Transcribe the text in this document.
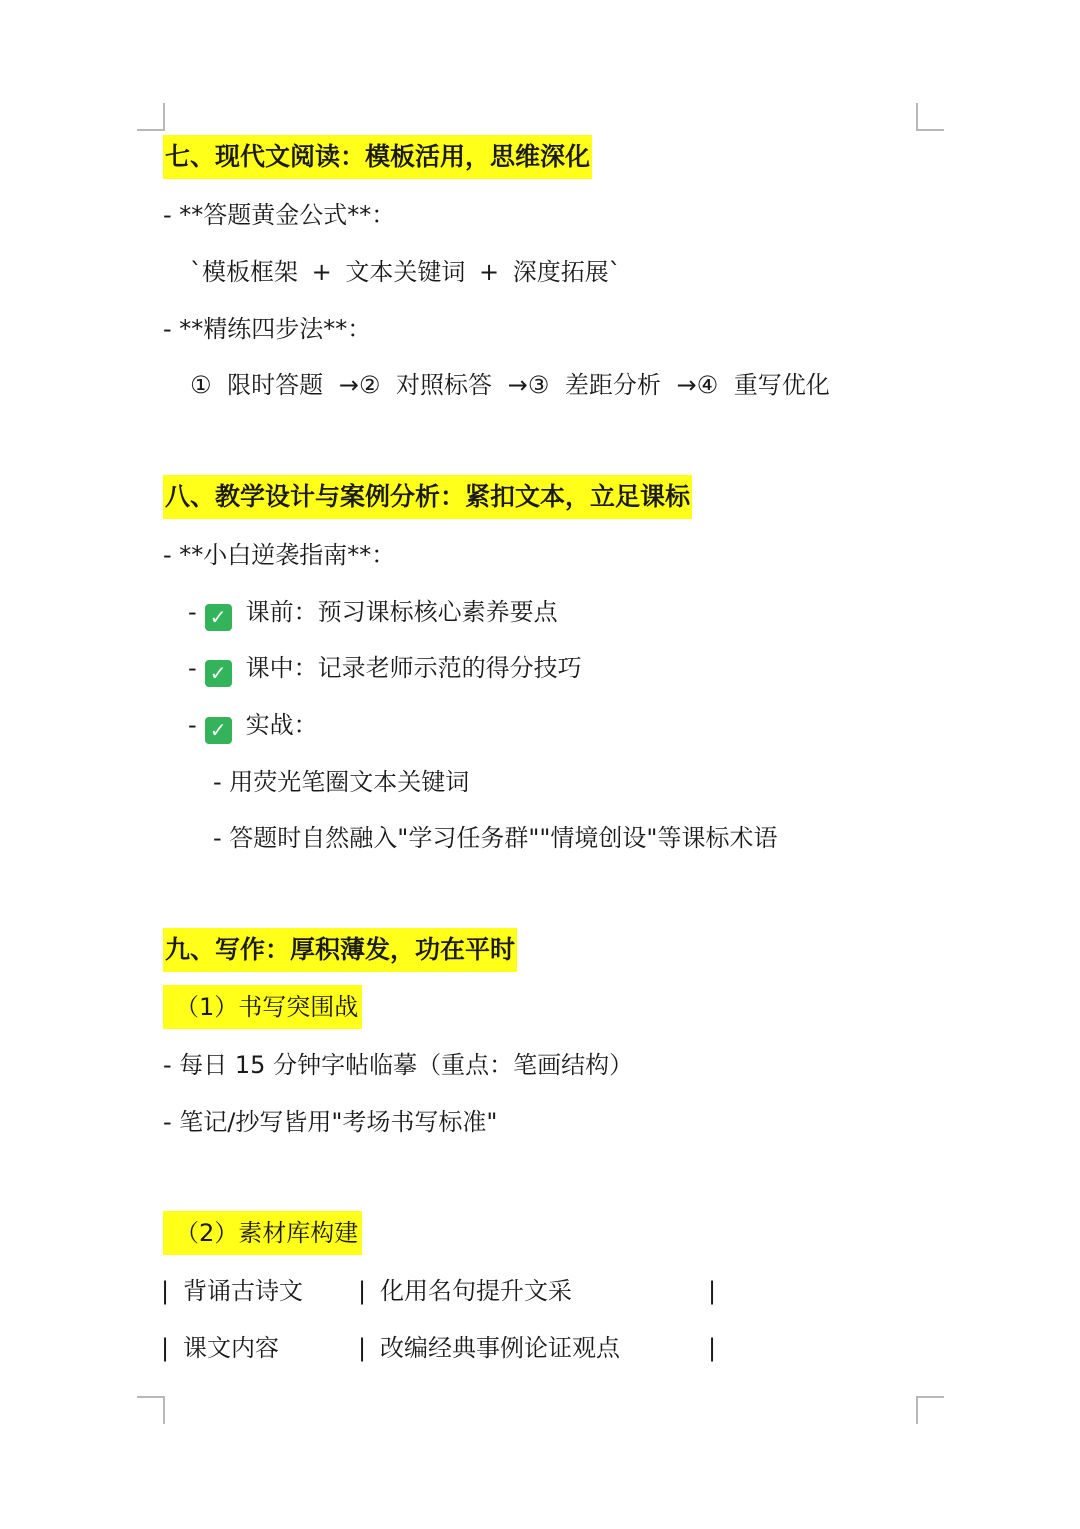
七、现代文阅读：模板活用，思维深化
- **答题黄金公式**：
`模板框架 + 文本关键词 + 深度拓展`
- **精练四步法**：
① 限时答题 →② 对照标答 →③ 差距分析 →④ 重写优化
八、教学设计与案例分析：紧扣文本，立足课标
- **小白逆袭指南**：
- ✓ 课前：预习课标核心素养要点
- ✓ 课中：记录老师示范的得分技巧
- ✓ 实战：
- 用荧光笔圈文本关键词
- 答题时自然融入"学习任务群""情境创设"等课标术语
九、写作：厚积薄发，功在平时
（1）书写突围战
- 每日 15 分钟字帖临摹（重点：笔画结构）
- 笔记/抄写皆用"考场书写标准"
（2）素材库构建
| 背诵古诗文 | 化用名句提升文采	|
| 课文内容	| 改编经典事例论证观点	|
